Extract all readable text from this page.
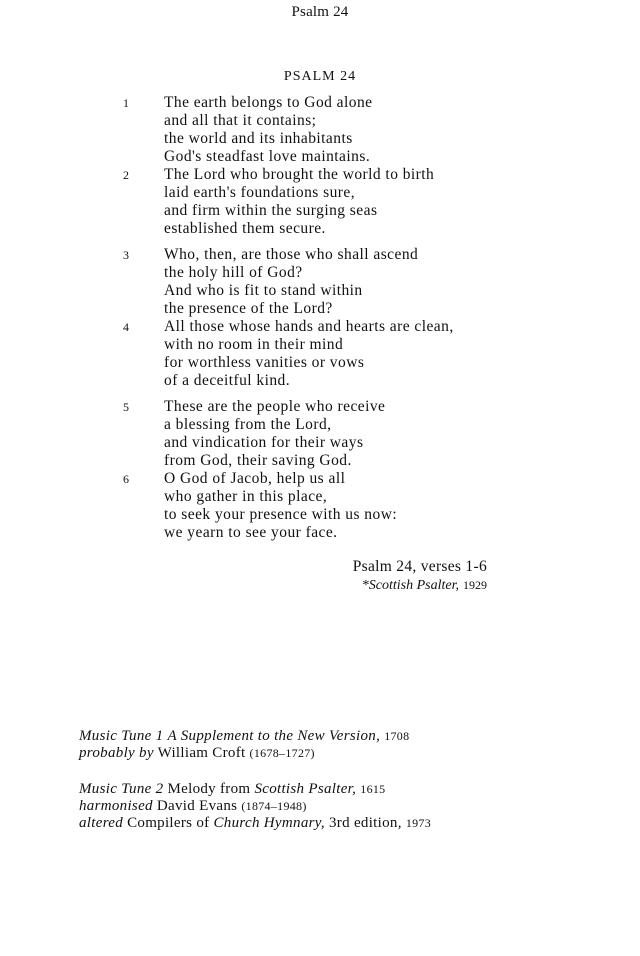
Psalm 24
PSALM 24
1	The earth belongs to God alone
and all that it contains;
the world and its inhabitants
God's steadfast love maintains.
2	The Lord who brought the world to birth
laid earth's foundations sure,
and firm within the surging seas
established them secure.
3	Who, then, are those who shall ascend
the holy hill of God?
And who is fit to stand within
the presence of the Lord?
4	All those whose hands and hearts are clean,
with no room in their mind
for worthless vanities or vows
of a deceitful kind.
5	These are the people who receive
a blessing from the Lord,
and vindication for their ways
from God, their saving God.
6	O God of Jacob, help us all
who gather in this place,
to seek your presence with us now:
we yearn to see your face.
Psalm 24, verses 1-6
*Scottish Psalter, 1929
Music Tune 1 A Supplement to the New Version, 1708
probably by William Croft (1678–1727)
Music Tune 2 Melody from Scottish Psalter, 1615
harmonised David Evans (1874–1948)
altered Compilers of Church Hymnary, 3rd edition, 1973
